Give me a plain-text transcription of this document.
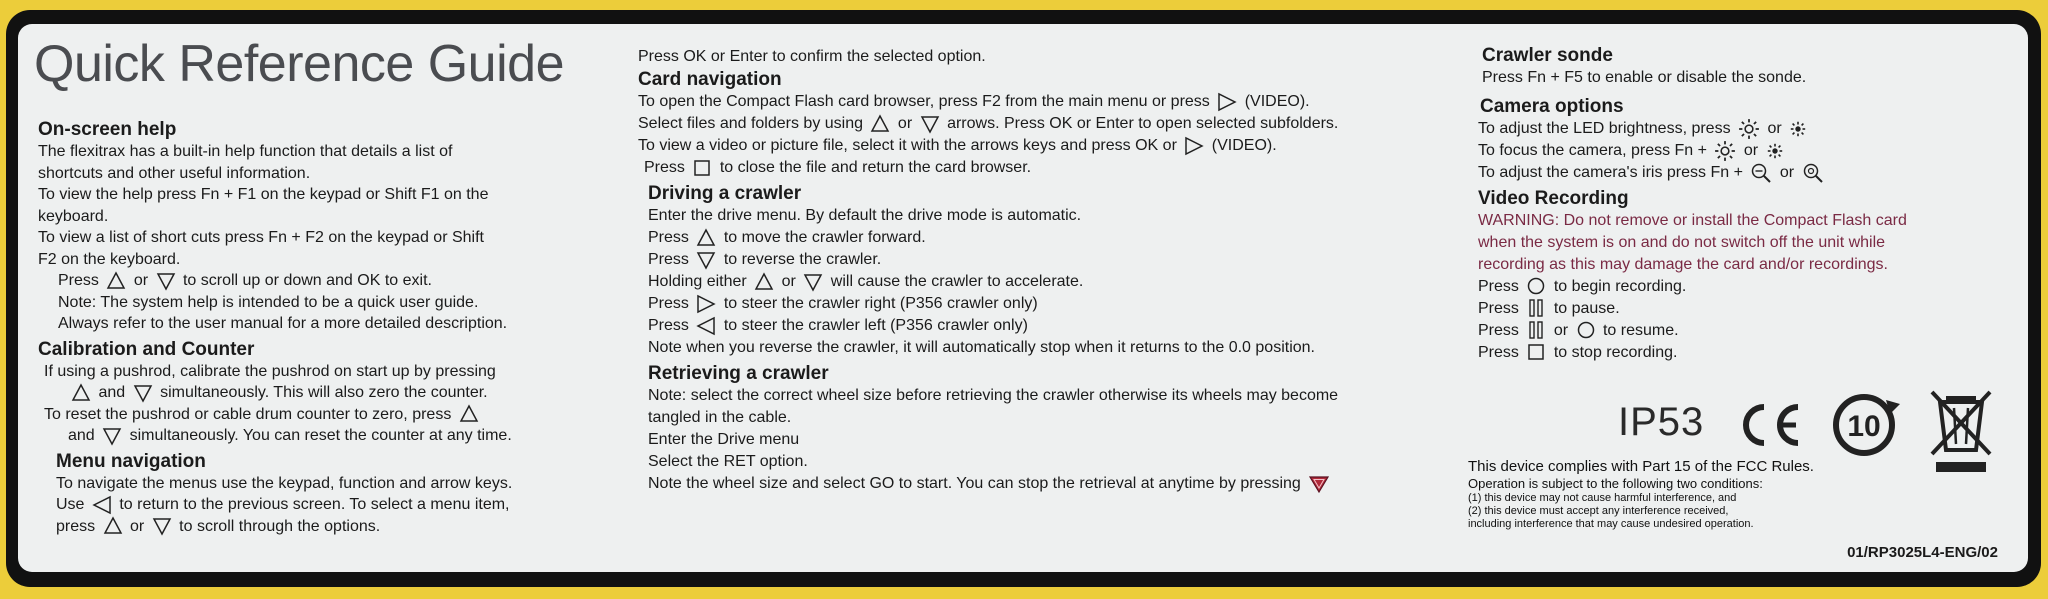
Quick Reference Guide

On-screen help

The flexitrax has a built-in help function that details a list of

shortcuts and other useful information.

To view the help press Fn + F1 on the keypad or Shift F1 on the

keyboard.

To view a list of short cuts press Fn + F2 on the keypad or Shift

F2 on the keyboard.

Press or to scroll up or down and OK to exit.

Note: The system help is intended to be a quick user guide.

Always refer to the user manual for a more detailed description.

Calibration and Counter

If using a pushrod, calibrate the pushrod on start up by pressing

and simultaneously. This will also zero the counter.

To reset the pushrod or cable drum counter to zero, press

and simultaneously. You can reset the counter at any time.

Menu navigation

To navigate the menus use the keypad, function and arrow keys.

Use to return to the previous screen. To select a menu item,

press or to scroll through the options.

Press OK or Enter to confirm the selected option.

Card navigation

To open the Compact Flash card browser, press F2 from the main menu or press (VIDEO).

Select files and folders by using or arrows. Press OK or Enter to open selected subfolders.

To view a video or picture file, select it with the arrows keys and press OK or (VIDEO).

Press to close the file and return the card browser.

Driving a crawler

Enter the drive menu. By default the drive mode is automatic.

Press to move the crawler forward.

Press to reverse the crawler.

Holding either or will cause the crawler to accelerate.

Press to steer the crawler right (P356 crawler only)

Press to steer the crawler left (P356 crawler only)

Note when you reverse the crawler, it will automatically stop when it returns to the 0.0 position.

Retrieving a crawler

Note: select the correct wheel size before retrieving the crawler otherwise its wheels may become

tangled in the cable.

Enter the Drive menu

Select the RET option.

Note the wheel size and select GO to start. You can stop the retrieval at anytime by pressing

Crawler sonde

Press Fn + F5 to enable or disable the sonde.

Camera options

To adjust the LED brightness, press or

To focus the camera, press Fn + or

To adjust the camera's iris press Fn + or

Video Recording

WARNING: Do not remove or install the Compact Flash card

when the system is on and do not switch off the unit while

recording as this may damage the card and/or recordings.

Press to begin recording.

Press to pause.

Press or to resume.

Press to stop recording.

IP53	10

This device complies with Part 15 of the FCC Rules.

Operation is subject to the following two conditions:

(1) this device may not cause harmful interference, and

(2) this device must accept any interference received,

including interference that may cause undesired operation.

01/RP3025L4-ENG/02
